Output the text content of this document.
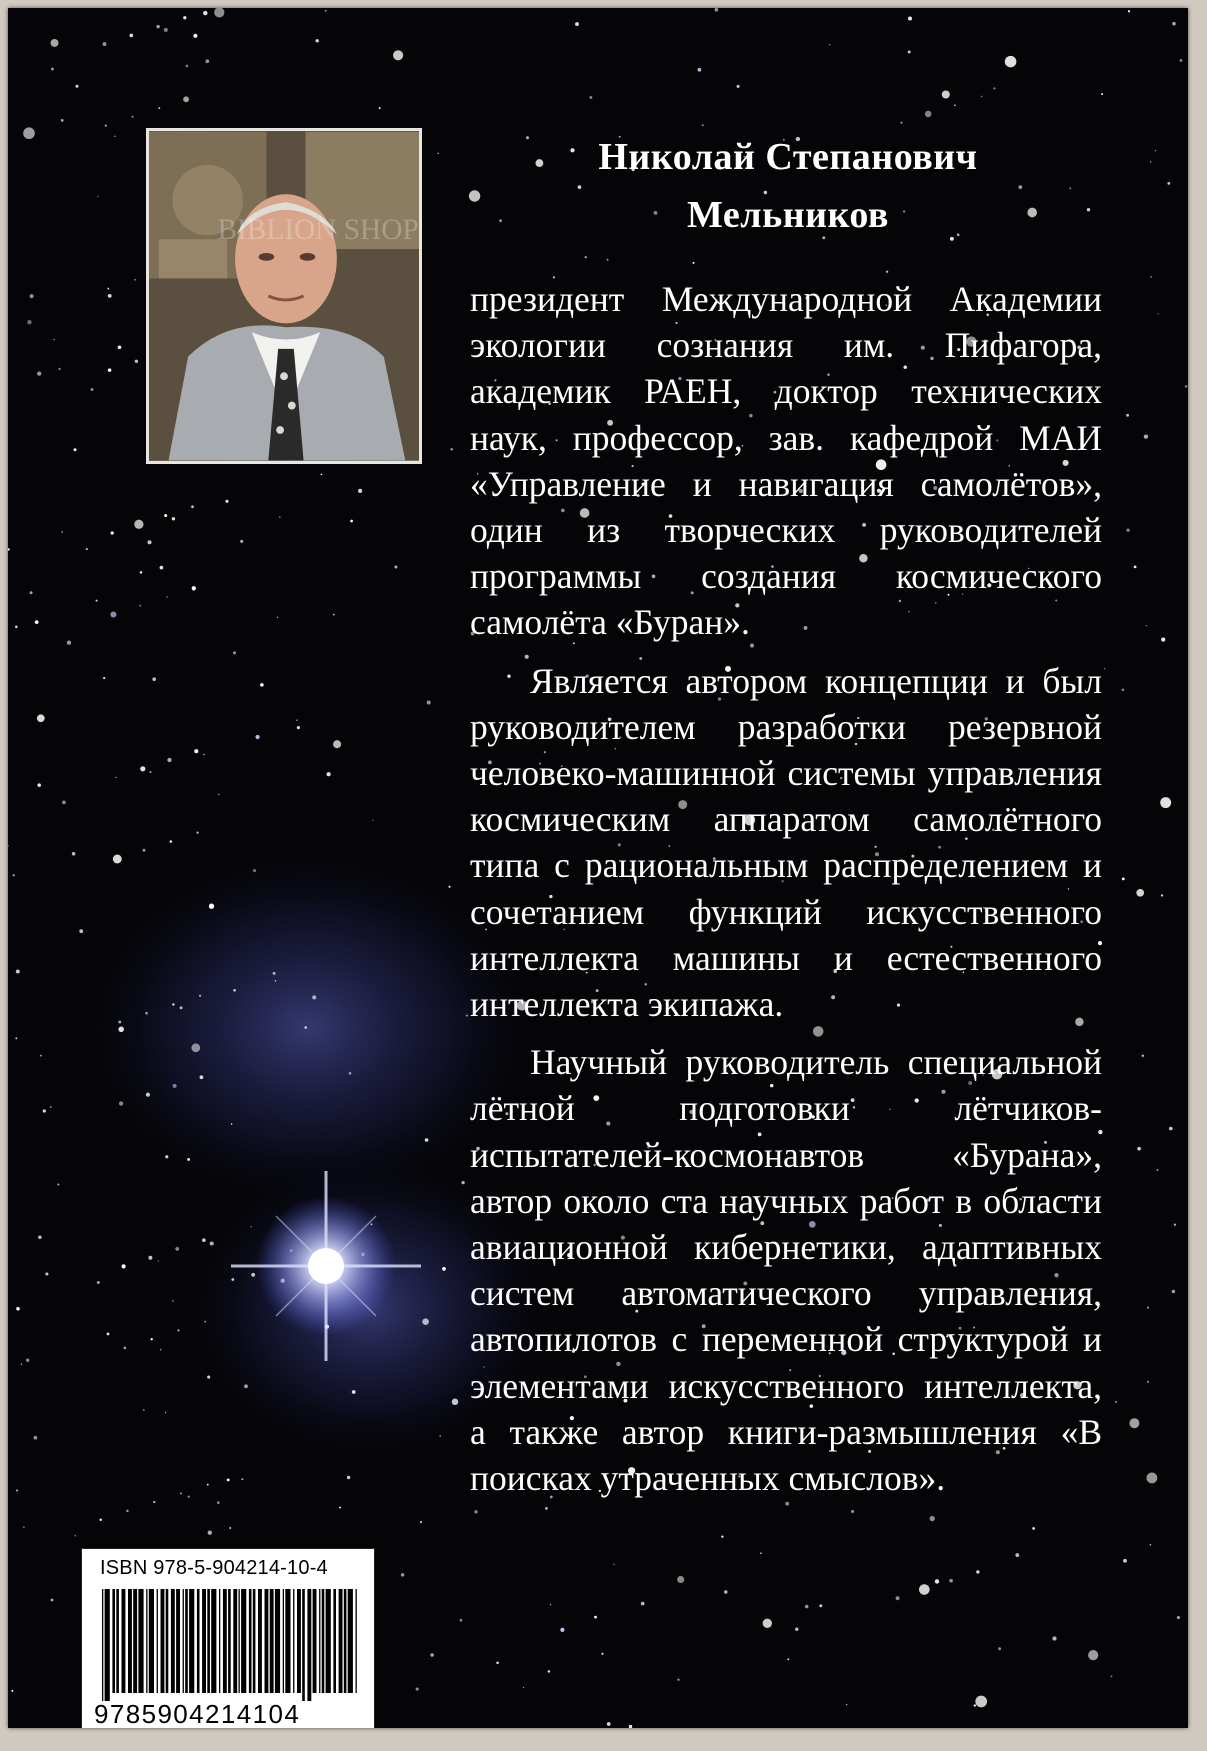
BIBLION SHOP
Николай Степанович
Мельников

президент Международной Академии экологии сознания им. Пифагора, академик РАЕН, доктор технических наук, профессор, зав. кафедрой МАИ «Управление и навигация самолётов», один из творческих руководителей программы создания космического самолёта «Буран».

Является автором концепции и был руководителем разработки резервной человеко-машинной системы управления космическим аппаратом самолётного типа с рациональным распределением и сочетанием функций искусственного интеллекта машины и естественного интеллекта экипажа.

Научный руководитель специальной лётной подготовки лётчиков-испытателей-космонавтов «Бурана», автор около ста научных работ в области авиационной кибернетики, адаптивных систем автоматического управления, автопилотов с переменной структурой и элементами искусственного интеллекта, а также автор книги-размышления «В поисках утраченных смыслов».

ISBN 978-5-904214-10-4
9785904214104
